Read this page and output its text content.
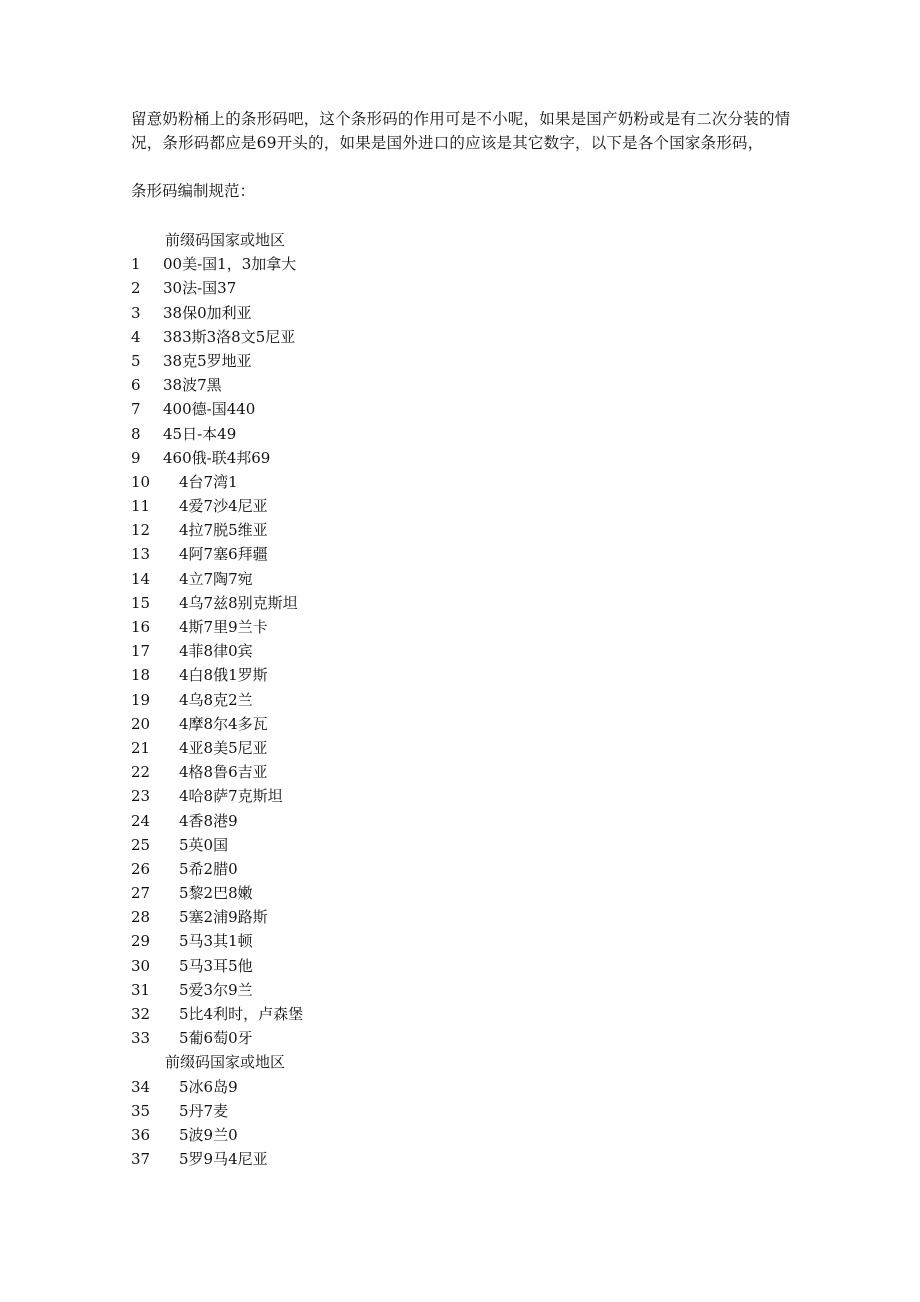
留意奶粉桶上的条形码吧，这个条形码的作用可是不小呢，如果是国产奶粉或是有二次分装的情况，条形码都应是69开头的，如果是国外进口的应该是其它数字，以下是各个国家条形码，

条形码编制规范：

前缀码国家或地区
1 00美-国1，3加拿大
2 30法-国37
3 38保0加利亚
4 383斯3洛8文5尼亚
5 38克5罗地亚
6 38波7黑
7 400德-国440
8 45日-本49
9 460俄-联4邦69
10 4台7湾1
11 4爱7沙4尼亚
12 4拉7脱5维亚
13 4阿7塞6拜疆
14 4立7陶7宛
15 4乌7兹8别克斯坦
16 4斯7里9兰卡
17 4菲8律0宾
18 4白8俄1罗斯
19 4乌8克2兰
20 4摩8尔4多瓦
21 4亚8美5尼亚
22 4格8鲁6吉亚
23 4哈8萨7克斯坦
24 4香8港9
25 5英0国
26 5希2腊0
27 5黎2巴8嫩
28 5塞2浦9路斯
29 5马3其1顿
30 5马3耳5他
31 5爱3尔9兰
32 5比4利时，卢森堡
33 5葡6萄0牙
前缀码国家或地区
34 5冰6岛9
35 5丹7麦
36 5波9兰0
37 5罗9马4尼亚
